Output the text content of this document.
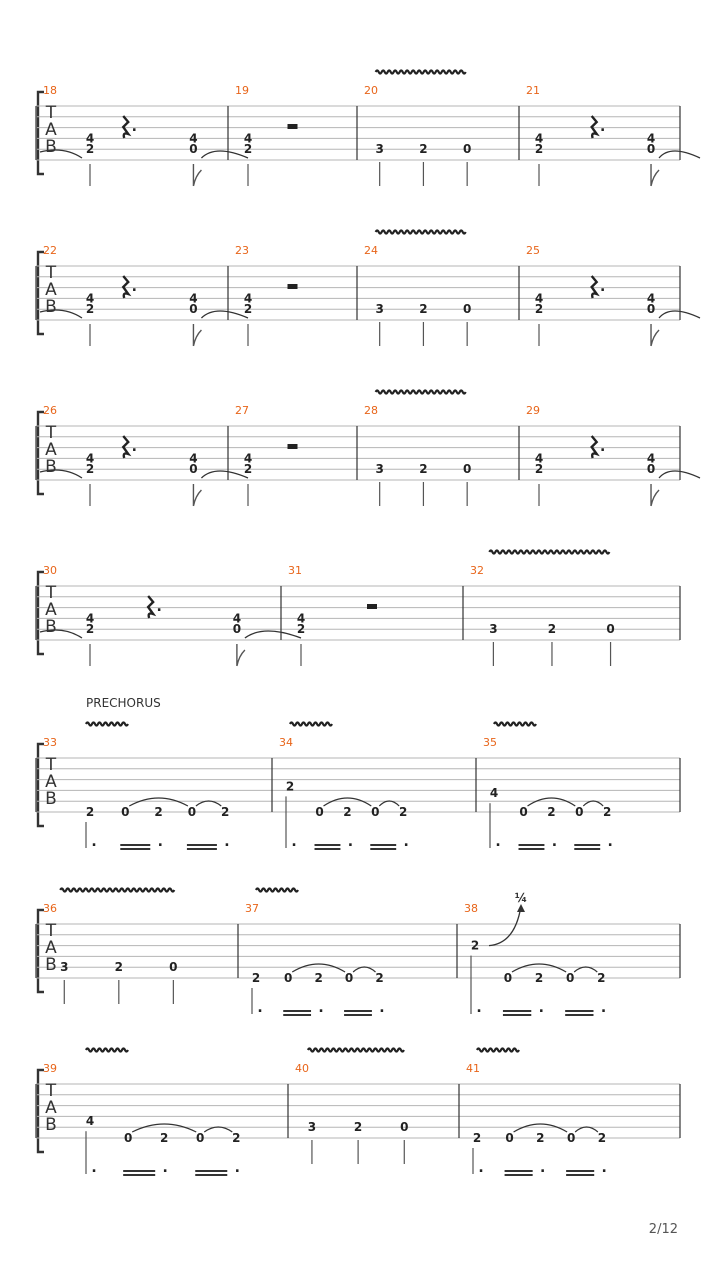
T
A
B
18
4
2
.
4
0
19
4
2
20
3	2	0
21
4
2
.
4
0
T
A
B
22
4
2
.
4
0
23
4
2
24
3	2	0
25
4
2
.
4
0
T
A
B
26
4
2
.
4
0
27
4
2
28
3	2	0
29
4
2
.
4
0
T
A
B
30
4
2
.
4
0
31
4
2
32
3	2	0
T
A
B
PRECHORUS
33
2
.
0 2 0 2
.	.
34
2
.
0 2 0 2
.	.
35
4
.
0 2 0 2
.	.
T
A
B
36
3	2	0
37
2
.
0 2 0 2
.	.
38
2
.
¼
0 2 0 2
.	.
T
A
B
39
4
.
0 2 0 2
.	.
40
3	2	0
41
2
.
0 2 0 2
.	.
2/12
